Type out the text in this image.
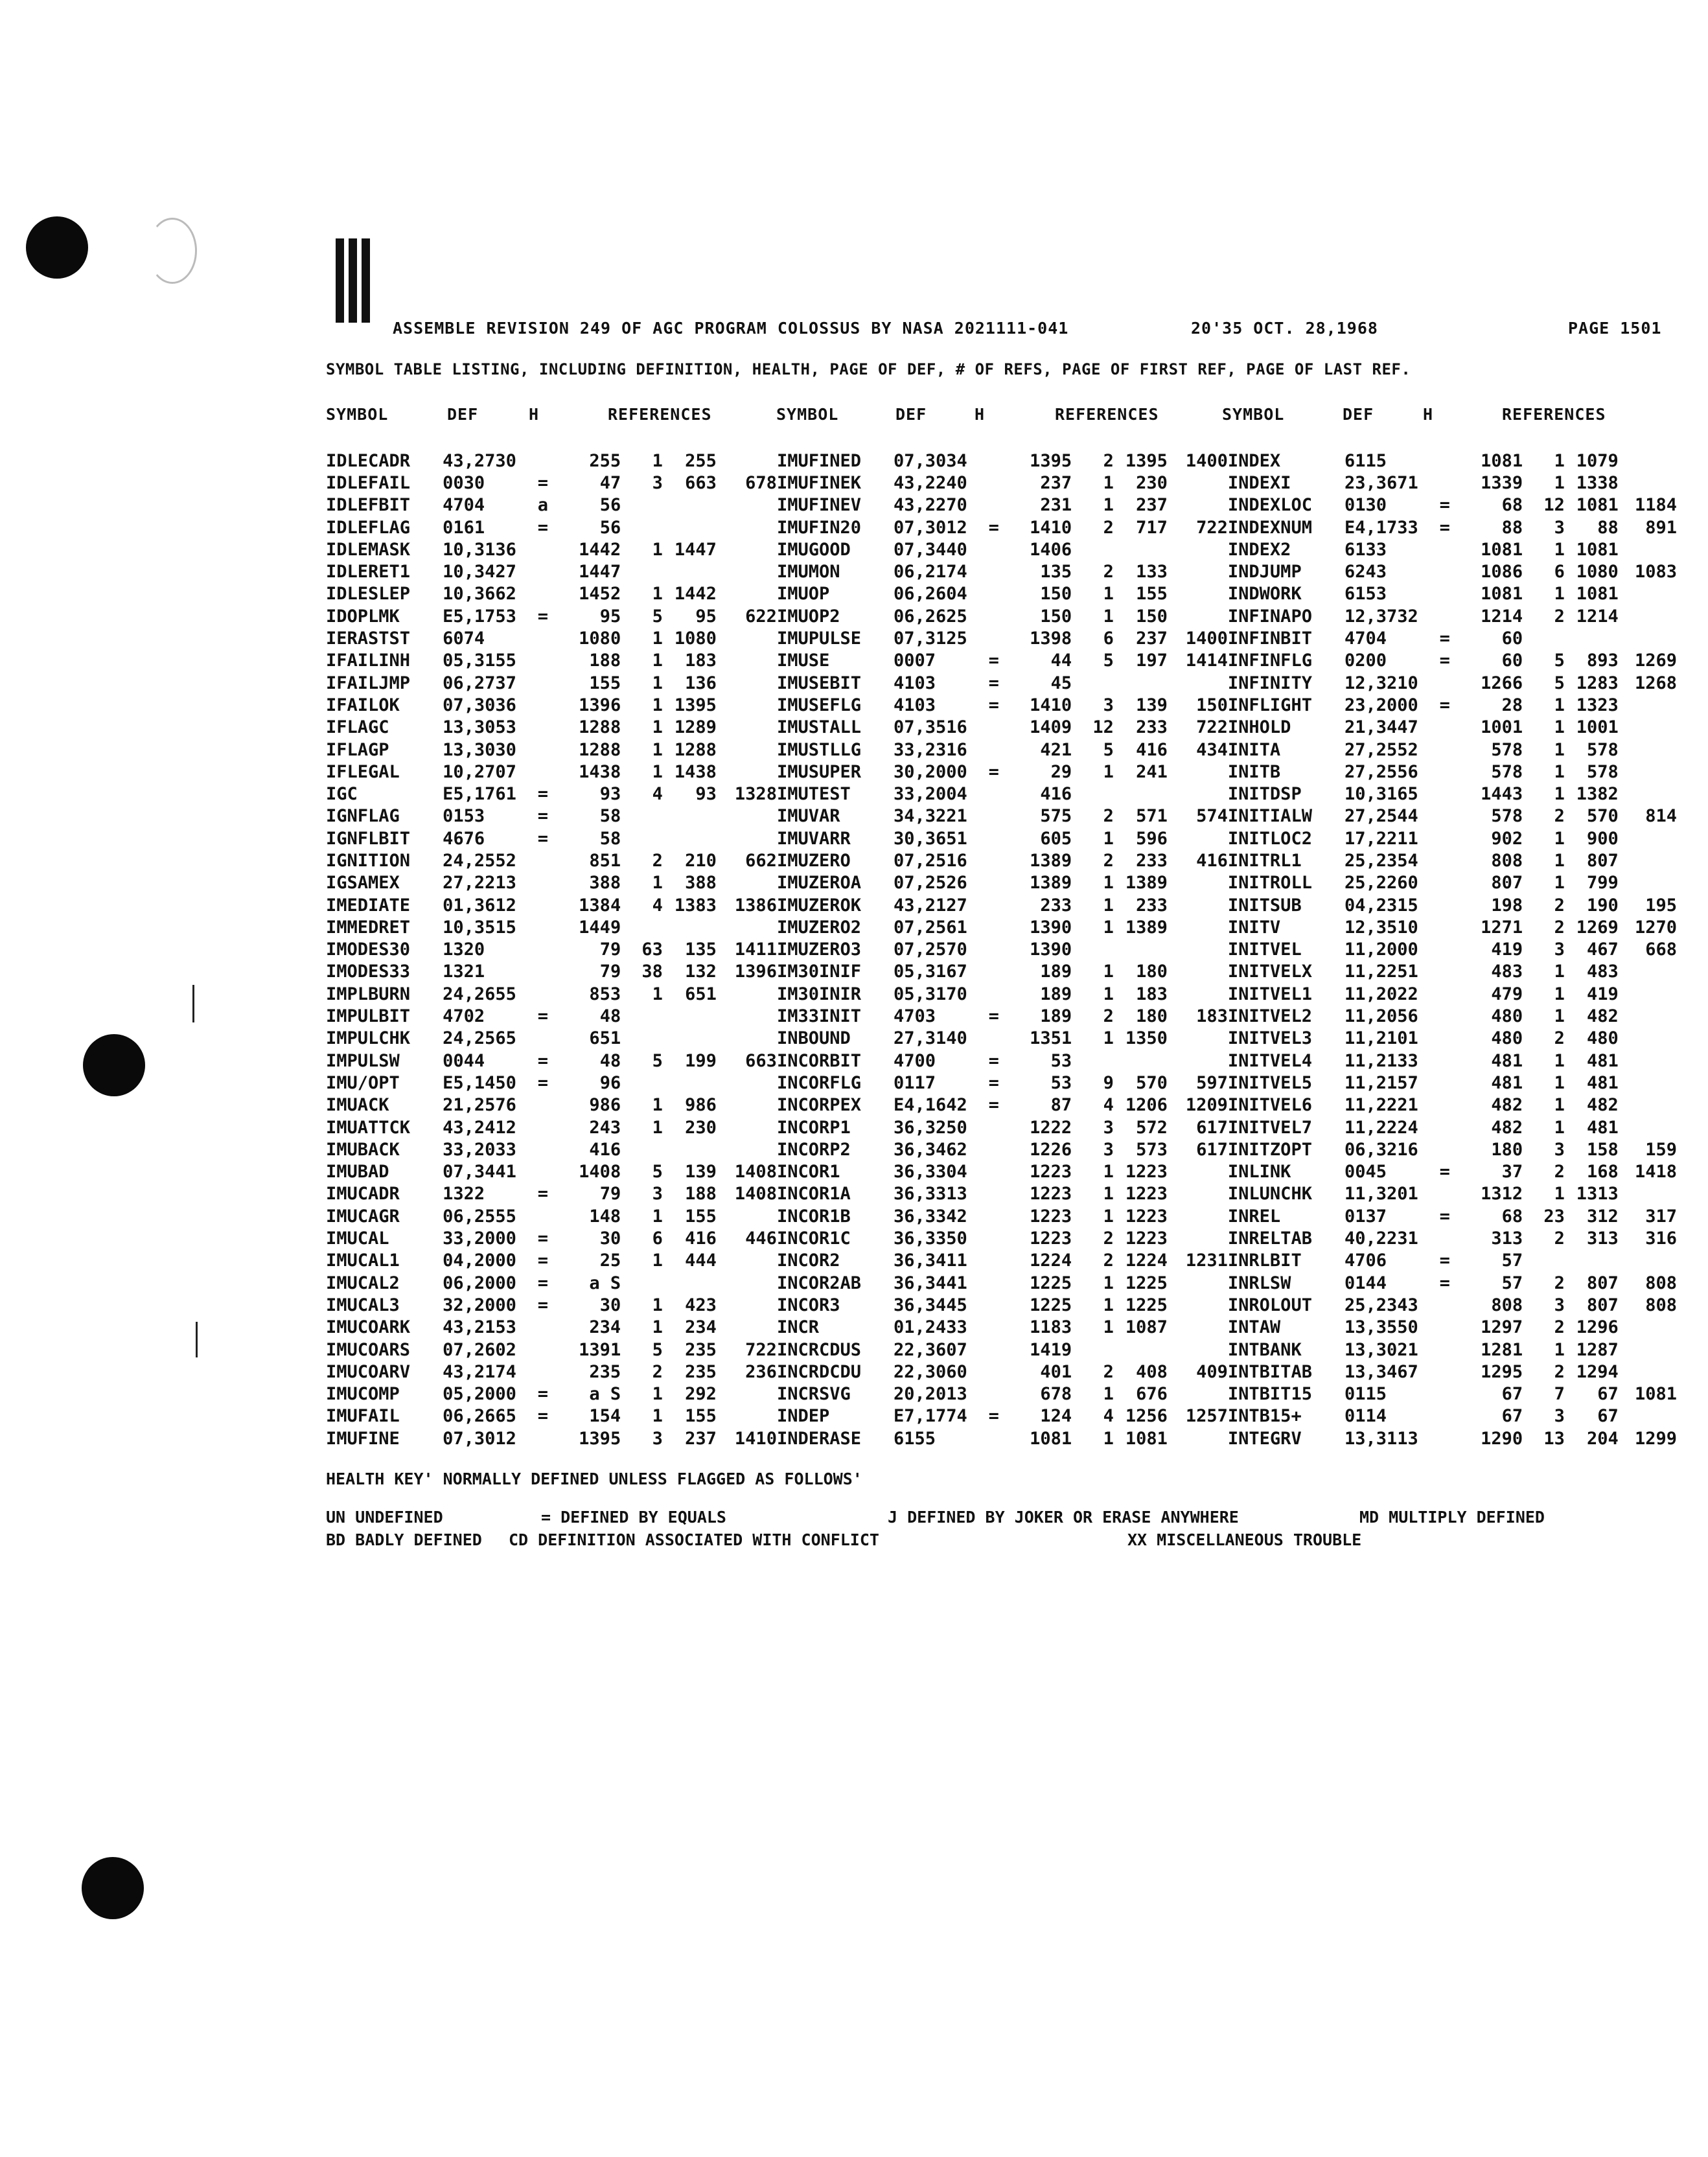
ASSEMBLE REVISION 249 OF AGC PROGRAM COLOSSUS BY NASA 2021111-041	20'35 OCT. 28,1968	PAGE 1501
SYMBOL TABLE LISTING, INCLUDING DEFINITION, HEALTH, PAGE OF DEF, # OF REFS, PAGE OF FIRST REF, PAGE OF LAST REF.
SYMBOL	DEF	H	REFERENCES	SYMBOL	DEF	H	REFERENCES	SYMBOL	DEF	H	REFERENCES
IDLECADR	43,2730		255	1	255		IMUFINED	07,3034		1395	2	1395	1400	INDEX	6115		1081	1	1079	
IDLEFAIL	0030	=	47	3	663	678	IMUFINEK	43,2240		237	1	230		INDEXI	23,3671		1339	1	1338	
IDLEFBIT	4704	a	56				IMUFINEV	43,2270		231	1	237		INDEXLOC	0130	=	68	12	1081	1184
IDLEFLAG	0161	=	56				IMUFIN20	07,3012	=	1410	2	717	722	INDEXNUM	E4,1733	=	88	3	88	891
IDLEMASK	10,3136		1442	1	1447		IMUGOOD	07,3440		1406				INDEX2	6133		1081	1	1081	
IDLERET1	10,3427		1447				IMUMON	06,2174		135	2	133		INDJUMP	6243		1086	6	1080	1083
IDLESLEP	10,3662		1452	1	1442		IMUOP	06,2604		150	1	155		INDWORK	6153		1081	1	1081	
IDOPLMK	E5,1753	=	95	5	95	622	IMUOP2	06,2625		150	1	150		INFINAPO	12,3732		1214	2	1214	
IERASTST	6074		1080	1	1080		IMUPULSE	07,3125		1398	6	237	1400	INFINBIT	4704	=	60			
IFAILINH	05,3155		188	1	183		IMUSE	0007	=	44	5	197	1414	INFINFLG	0200	=	60	5	893	1269
IFAILJMP	06,2737		155	1	136		IMUSEBIT	4103	=	45				INFINITY	12,3210		1266	5	1283	1268
IFAILOK	07,3036		1396	1	1395		IMUSEFLG	4103	=	1410	3	139	150	INFLIGHT	23,2000	=	28	1	1323	
IFLAGC	13,3053		1288	1	1289		IMUSTALL	07,3516		1409	12	233	722	INHOLD	21,3447		1001	1	1001	
IFLAGP	13,3030		1288	1	1288		IMUSTLLG	33,2316		421	5	416	434	INITA	27,2552		578	1	578	
IFLEGAL	10,2707		1438	1	1438		IMUSUPER	30,2000	=	29	1	241		INITB	27,2556		578	1	578	
IGC	E5,1761	=	93	4	93	1328	IMUTEST	33,2004		416				INITDSP	10,3165		1443	1	1382	
IGNFLAG	0153	=	58				IMUVAR	34,3221		575	2	571	574	INITIALW	27,2544		578	2	570	814
IGNFLBIT	4676	=	58				IMUVARR	30,3651		605	1	596		INITLOC2	17,2211		902	1	900	
IGNITION	24,2552		851	2	210	662	IMUZERO	07,2516		1389	2	233	416	INITRL1	25,2354		808	1	807	
IGSAMEX	27,2213		388	1	388		IMUZEROA	07,2526		1389	1	1389		INITROLL	25,2260		807	1	799	
IMEDIATE	01,3612		1384	4	1383	1386	IMUZEROK	43,2127		233	1	233		INITSUB	04,2315		198	2	190	195
IMMEDRET	10,3515		1449				IMUZERO2	07,2561		1390	1	1389		INITV	12,3510		1271	2	1269	1270
IMODES30	1320		79	63	135	1411	IMUZERO3	07,2570		1390				INITVEL	11,2000		419	3	467	668
IMODES33	1321		79	38	132	1396	IM30INIF	05,3167		189	1	180		INITVELX	11,2251		483	1	483	
IMPLBURN	24,2655		853	1	651		IM30INIR	05,3170		189	1	183		INITVEL1	11,2022		479	1	419	
IMPULBIT	4702	=	48				IM33INIT	4703	=	189	2	180	183	INITVEL2	11,2056		480	1	482	
IMPULCHK	24,2565		651				INBOUND	27,3140		1351	1	1350		INITVEL3	11,2101		480	2	480	
IMPULSW	0044	=	48	5	199	663	INCORBIT	4700	=	53				INITVEL4	11,2133		481	1	481	
IMU/OPT	E5,1450	=	96				INCORFLG	0117	=	53	9	570	597	INITVEL5	11,2157		481	1	481	
IMUACK	21,2576		986	1	986		INCORPEX	E4,1642	=	87	4	1206	1209	INITVEL6	11,2221		482	1	482	
IMUATTCK	43,2412		243	1	230		INCORP1	36,3250		1222	3	572	617	INITVEL7	11,2224		482	1	481	
IMUBACK	33,2033		416				INCORP2	36,3462		1226	3	573	617	INITZOPT	06,3216		180	3	158	159
IMUBAD	07,3441		1408	5	139	1408	INCOR1	36,3304		1223	1	1223		INLINK	0045	=	37	2	168	1418
IMUCADR	1322	=	79	3	188	1408	INCOR1A	36,3313		1223	1	1223		INLUNCHK	11,3201		1312	1	1313	
IMUCAGR	06,2555		148	1	155		INCOR1B	36,3342		1223	1	1223		INREL	0137	=	68	23	312	317
IMUCAL	33,2000	=	30	6	416	446	INCOR1C	36,3350		1223	2	1223		INRELTAB	40,2231		313	2	313	316
IMUCAL1	04,2000	=	25	1	444		INCOR2	36,3411		1224	2	1224	1231	INRLBIT	4706	=	57			
IMUCAL2	06,2000	=	a S				INCOR2AB	36,3441		1225	1	1225		INRLSW	0144	=	57	2	807	808
IMUCAL3	32,2000	=	30	1	423		INCOR3	36,3445		1225	1	1225		INROLOUT	25,2343		808	3	807	808
IMUCOARK	43,2153		234	1	234		INCR	01,2433		1183	1	1087		INTAW	13,3550		1297	2	1296	
IMUCOARS	07,2602		1391	5	235	722	INCRCDUS	22,3607		1419				INTBANK	13,3021		1281	1	1287	
IMUCOARV	43,2174		235	2	235	236	INCRDCDU	22,3060		401	2	408	409	INTBITAB	13,3467		1295	2	1294	
IMUCOMP	05,2000	=	a S	1	292		INCRSVG	20,2013		678	1	676		INTBIT15	0115		67	7	67	1081
IMUFAIL	06,2665	=	154	1	155		INDEP	E7,1774	=	124	4	1256	1257	INTB15+	0114		67	3	67	
IMUFINE	07,3012		1395	3	237	1410	INDERASE	6155		1081	1	1081		INTEGRV	13,3113		1290	13	204	1299
HEALTH KEY' NORMALLY DEFINED UNLESS FLAGGED AS FOLLOWS'
UN UNDEFINED	= DEFINED BY EQUALS	J DEFINED BY JOKER OR ERASE ANYWHERE	MD MULTIPLY DEFINED
BD BADLY DEFINED CD DEFINITION ASSOCIATED WITH CONFLICT	XX MISCELLANEOUS TROUBLE
